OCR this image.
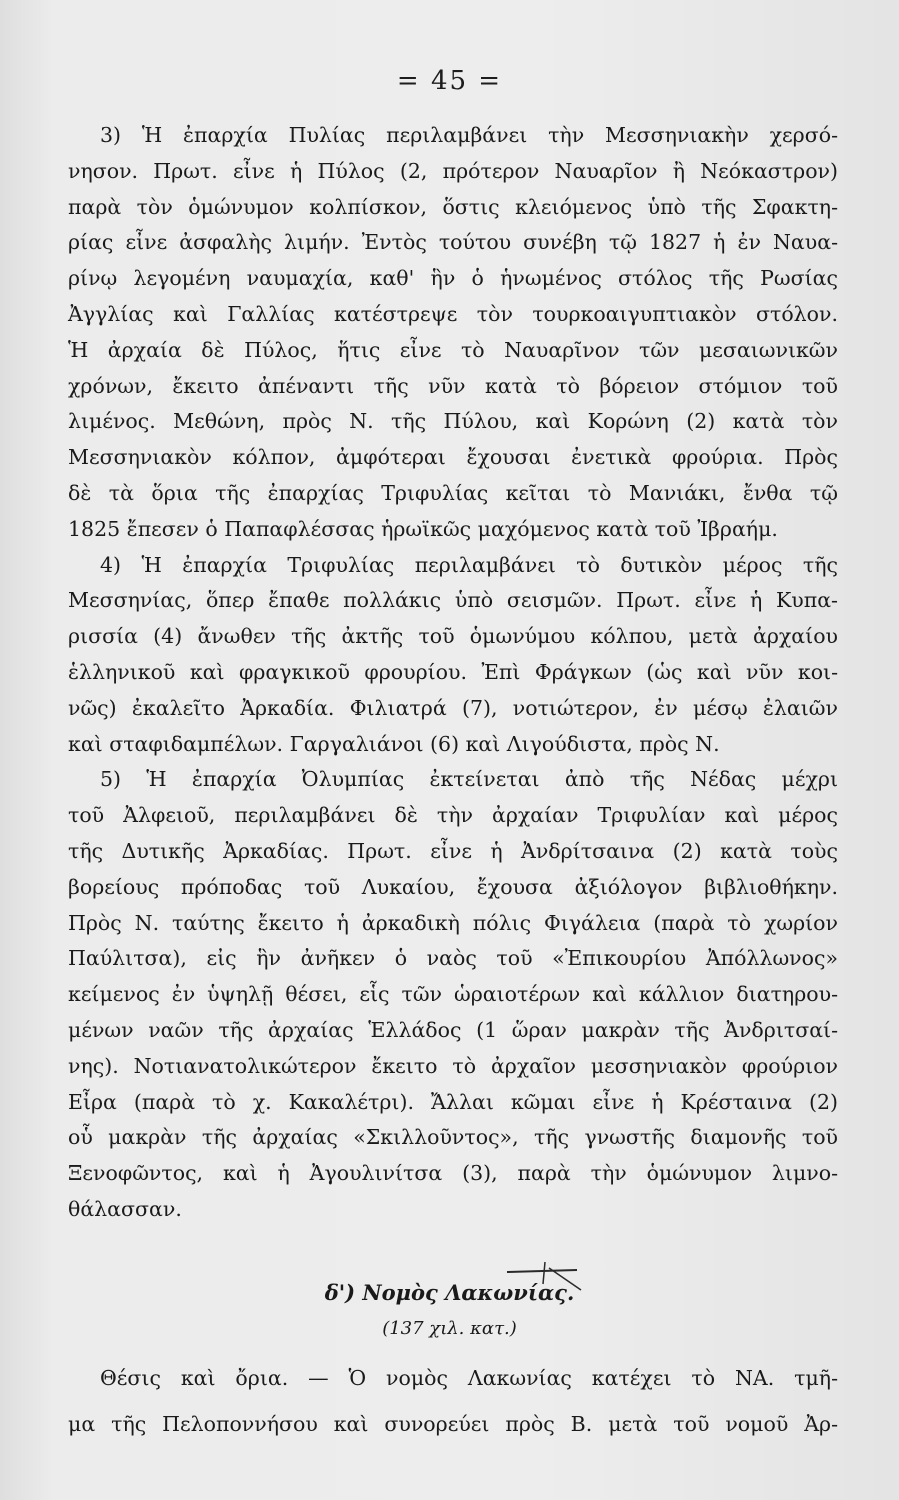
= 45 =
3) Ἡ ἐπαρχία Πυλίας περιλαμβάνει τὴν Μεσσηνιακὴν χερσό-
νησον. Πρωτ. εἶνε ἡ Πύλος (2, πρότερον Ναυαρῖον ἢ Νεόκαστρον)
παρὰ τὸν ὁμώνυμον κολπίσκον, ὅστις κλειόμενος ὑπὸ τῆς Σφακτη-
ρίας εἶνε ἀσφαλὴς λιμήν. Ἐντὸς τούτου συνέβη τῷ 1827 ἡ ἐν Ναυα-
ρίνῳ λεγομένη ναυμαχία, καθ' ἣν ὁ ἡνωμένος στόλος τῆς Ρωσίας
Ἀγγλίας καὶ Γαλλίας κατέστρεψε τὸν τουρκοαιγυπτιακὸν στόλον.
Ἡ ἀρχαία δὲ Πύλος, ἥτις εἶνε τὸ Ναυαρῖνον τῶν μεσαιωνικῶν
χρόνων, ἔκειτο ἀπέναντι τῆς νῦν κατὰ τὸ βόρειον στόμιον τοῦ
λιμένος. Μεθώνη, πρὸς Ν. τῆς Πύλου, καὶ Κορώνη (2) κατὰ τὸν
Μεσσηνιακὸν κόλπον, ἀμφότεραι ἔχουσαι ἐνετικὰ φρούρια. Πρὸς
δὲ τὰ ὅρια τῆς ἐπαρχίας Τριφυλίας κεῖται τὸ Μανιάκι, ἔνθα τῷ
1825 ἔπεσεν ὁ Παπαφλέσσας ἡρωϊκῶς μαχόμενος κατὰ τοῦ Ἰβραήμ.
4) Ἡ ἐπαρχία Τριφυλίας περιλαμβάνει τὸ δυτικὸν μέρος τῆς
Μεσσηνίας, ὅπερ ἔπαθε πολλάκις ὑπὸ σεισμῶν. Πρωτ. εἶνε ἡ Κυπα-
ρισσία (4) ἄνωθεν τῆς ἀκτῆς τοῦ ὁμωνύμου κόλπου, μετὰ ἀρχαίου
ἑλληνικοῦ καὶ φραγκικοῦ φρουρίου. Ἐπὶ Φράγκων (ὡς καὶ νῦν κοι-
νῶς) ἐκαλεῖτο Ἀρκαδία. Φιλιατρά (7), νοτιώτερον, ἐν μέσῳ ἐλαιῶν
καὶ σταφιδαμπέλων. Γαργαλιάνοι (6) καὶ Λιγούδιστα, πρὸς Ν.
5) Ἡ ἐπαρχία Ὀλυμπίας ἐκτείνεται ἀπὸ τῆς Νέδας μέχρι
τοῦ Ἀλφειοῦ, περιλαμβάνει δὲ τὴν ἀρχαίαν Τριφυλίαν καὶ μέρος
τῆς Δυτικῆς Ἀρκαδίας. Πρωτ. εἶνε ἡ Ἀνδρίτσαινα (2) κατὰ τοὺς
βορείους πρόποδας τοῦ Λυκαίου, ἔχουσα ἀξιόλογον βιβλιοθήκην.
Πρὸς Ν. ταύτης ἔκειτο ἡ ἀρκαδικὴ πόλις Φιγάλεια (παρὰ τὸ χωρίον
Παύλιτσα), εἰς ἣν ἀνῆκεν ὁ ναὸς τοῦ «Ἐπικουρίου Ἀπόλλωνος»
κείμενος ἐν ὑψηλῇ θέσει, εἷς τῶν ὡραιοτέρων καὶ κάλλιον διατηρου-
μένων ναῶν τῆς ἀρχαίας Ἑλλάδος (1 ὥραν μακρὰν τῆς Ἀνδριτσαί-
νης). Νοτιανατολικώτερον ἔκειτο τὸ ἀρχαῖον μεσσηνιακὸν φρούριον
Εἶρα (παρὰ τὸ χ. Κακαλέτρι). Ἄλλαι κῶμαι εἶνε ἡ Κρέσταινα (2)
οὗ μακρὰν τῆς ἀρχαίας «Σκιλλοῦντος», τῆς γνωστῆς διαμονῆς τοῦ
Ξενοφῶντος, καὶ ἡ Ἀγουλινίτσα (3), παρὰ τὴν ὁμώνυμον λιμνο-
θάλασσαν.
δ') Νομὸς Λακωνίας.
(137 χιλ. κατ.)
Θέσις καὶ ὄρια. — Ὁ νομὸς Λακωνίας κατέχει τὸ ΝΑ. τμῆ-
μα τῆς Πελοποννήσου καὶ συνορεύει πρὸς Β. μετὰ τοῦ νομοῦ Ἀρ-
